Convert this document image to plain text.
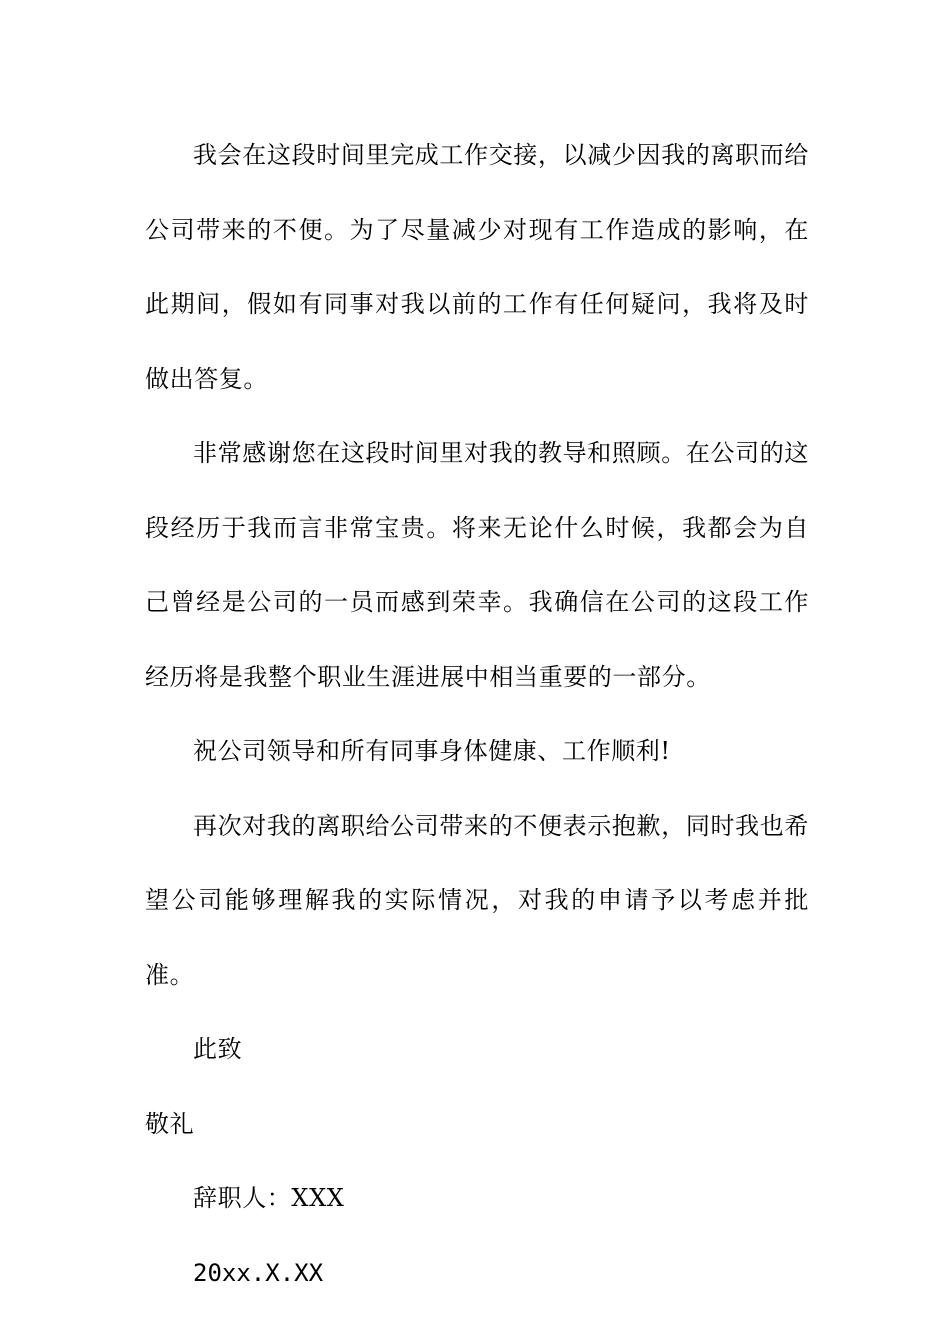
我会在这段时间里完成工作交接，以减少因我的离职而给公司带来的不便。为了尽量减少对现有工作造成的影响，在此期间，假如有同事对我以前的工作有任何疑问，我将及时做出答复。

非常感谢您在这段时间里对我的教导和照顾。在公司的这段经历于我而言非常宝贵。将来无论什么时候，我都会为自己曾经是公司的一员而感到荣幸。我确信在公司的这段工作经历将是我整个职业生涯进展中相当重要的一部分。

祝公司领导和所有同事身体健康、工作顺利!

再次对我的离职给公司带来的不便表示抱歉，同时我也希望公司能够理解我的实际情况，对我的申请予以考虑并批准。

此致

敬礼

辞职人：XXX

20xx.X.XX
